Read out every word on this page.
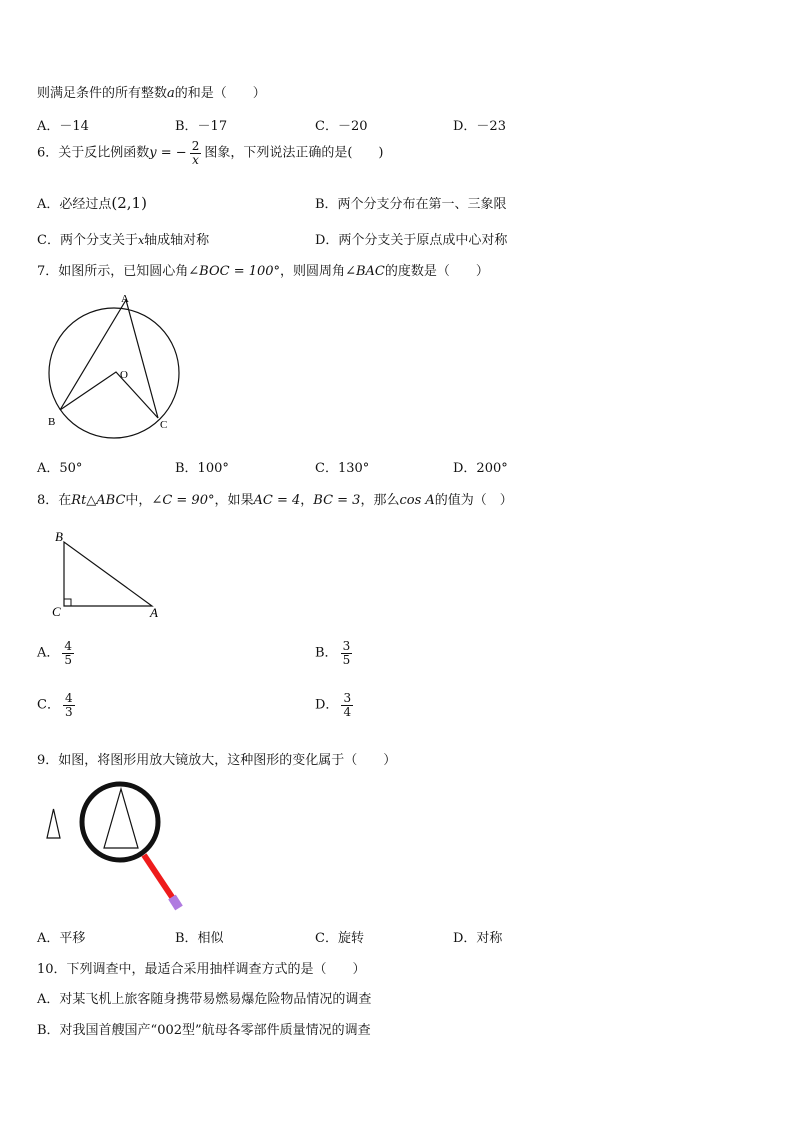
则满足条件的所有整数a的和是（　　）
A．－14	B．－17	C．－20	D．－23
6．关于反比例函数y = − $\frac{2}{x}$ 图象，下列说法正确的是(　　)
A．必经过点(2,1)	B．两个分支分布在第一、三象限
C．两个分支关于x轴成轴对称	D．两个分支关于原点成中心对称
7．如图所示，已知圆心角∠BOC = 100°，则圆周角∠BAC的度数是（　　）
A
O
B	C
A．50°	B．100°	C．130°	D．200°
8．在Rt△ABC中，∠C = 90°，如果AC = 4，BC = 3，那么cos A的值为（　）
B
C	A
A． $\frac{4}{5}$	B． $\frac{3}{5}$
C． $\frac{4}{3}$	D． $\frac{3}{4}$
9．如图，将图形用放大镜放大，这种图形的变化属于（　　）
A．平移	B．相似	C．旋转	D．对称
10．下列调查中，最适合采用抽样调查方式的是（　　）
A．对某飞机上旅客随身携带易燃易爆危险物品情况的调查
B．对我国首艘国产“002型”航母各零部件质量情况的调查
